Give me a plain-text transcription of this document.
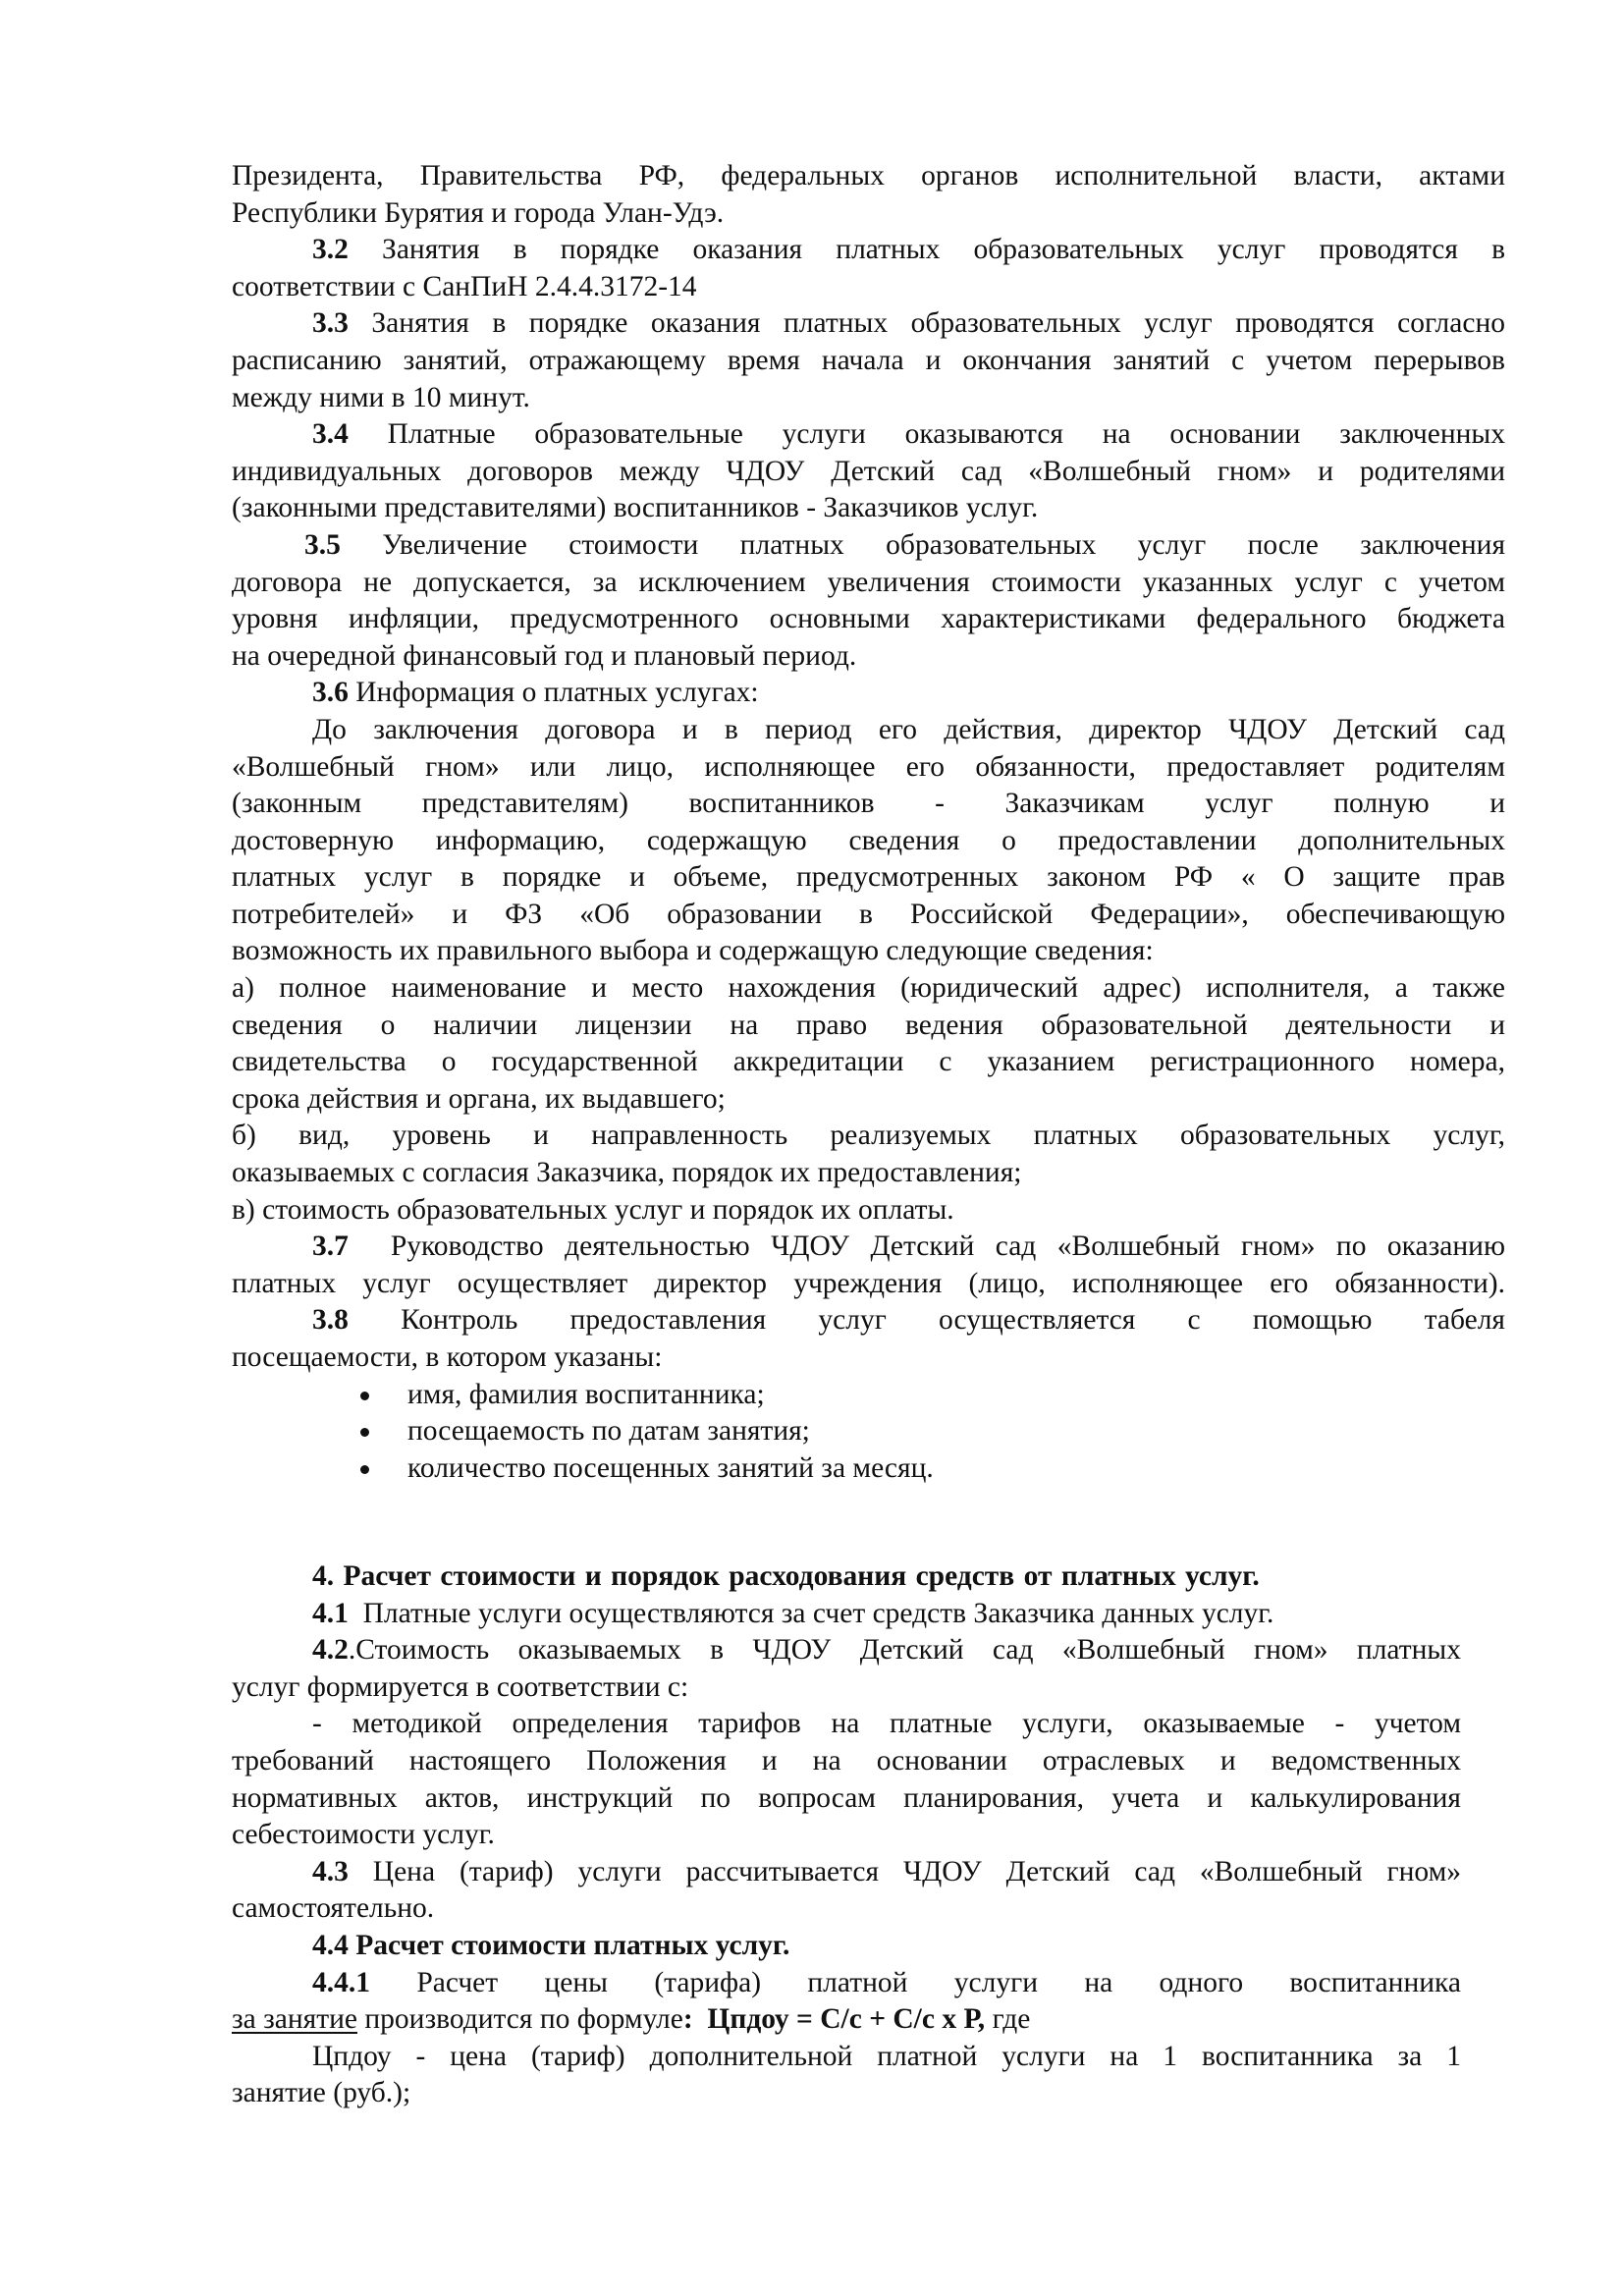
Президента, Правительства РФ, федеральных органов исполнительной власти, актами
Республики Бурятия и города Улан-Удэ.
3.2 Занятия в порядке оказания платных образовательных услуг проводятся в
соответствии с СанПиН 2.4.4.3172-14
3.3 Занятия в порядке оказания платных образовательных услуг проводятся согласно
расписанию занятий, отражающему время начала и окончания занятий с учетом перерывов
между ними в 10 минут.
3.4 Платные образовательные услуги оказываются на основании заключенных
индивидуальных договоров между ЧДОУ Детский сад «Волшебный гном» и родителями
(законными представителями) воспитанников - Заказчиков услуг.
3.5 Увеличение стоимости платных образовательных услуг после заключения
договора не допускается, за исключением увеличения стоимости указанных услуг с учетом
уровня инфляции, предусмотренного основными характеристиками федерального бюджета
на очередной финансовый год и плановый период.
3.6 Информация о платных услугах:
До заключения договора и в период его действия, директор ЧДОУ Детский сад
«Волшебный гном» или лицо, исполняющее его обязанности, предоставляет родителям
(законным представителям) воспитанников - Заказчикам услуг полную и
достоверную информацию, содержащую сведения о предоставлении дополнительных
платных услуг в порядке и объеме, предусмотренных законом РФ « О защите прав
потребителей» и ФЗ «Об образовании в Российской Федерации», обеспечивающую
возможность их правильного выбора и содержащую следующие сведения:
а) полное наименование и место нахождения (юридический адрес) исполнителя, а также
сведения о наличии лицензии на право ведения образовательной деятельности и
свидетельства о государственной аккредитации с указанием регистрационного номера,
срока действия и органа, их выдавшего;
б) вид, уровень и направленность реализуемых платных образовательных услуг,
оказываемых с согласия Заказчика, порядок их предоставления;
в) стоимость образовательных услуг и порядок их оплаты.
3.7 Руководство деятельностью ЧДОУ Детский сад «Волшебный гном» по оказанию
платных услуг осуществляет директор учреждения (лицо, исполняющее его обязанности).
3.8 Контроль предоставления услуг осуществляется с помощью табеля
посещаемости, в котором указаны:
имя, фамилия воспитанника;
посещаемость по датам занятия;
количество посещенных занятий за месяц.
4. Расчет стоимости и порядок расходования средств от платных услуг.
4.1 Платные услуги осуществляются за счет средств Заказчика данных услуг.
4.2.Стоимость оказываемых в ЧДОУ Детский сад «Волшебный гном» платных
услуг формируется в соответствии с:
- методикой определения тарифов на платные услуги, оказываемые - учетом
требований настоящего Положения и на основании отраслевых и ведомственных
нормативных актов, инструкций по вопросам планирования, учета и калькулирования
себестоимости услуг.
4.3 Цена (тариф) услуги рассчитывается ЧДОУ Детский сад «Волшебный гном»
самостоятельно.
4.4 Расчет стоимости платных услуг.
4.4.1 Расчет цены (тарифа) платной услуги на одного воспитанника
за занятие производится по формуле: Цпдоу = С/с + С/с х Р, где
Цпдоу - цена (тариф) дополнительной платной услуги на 1 воспитанника за 1
занятие (руб.);
